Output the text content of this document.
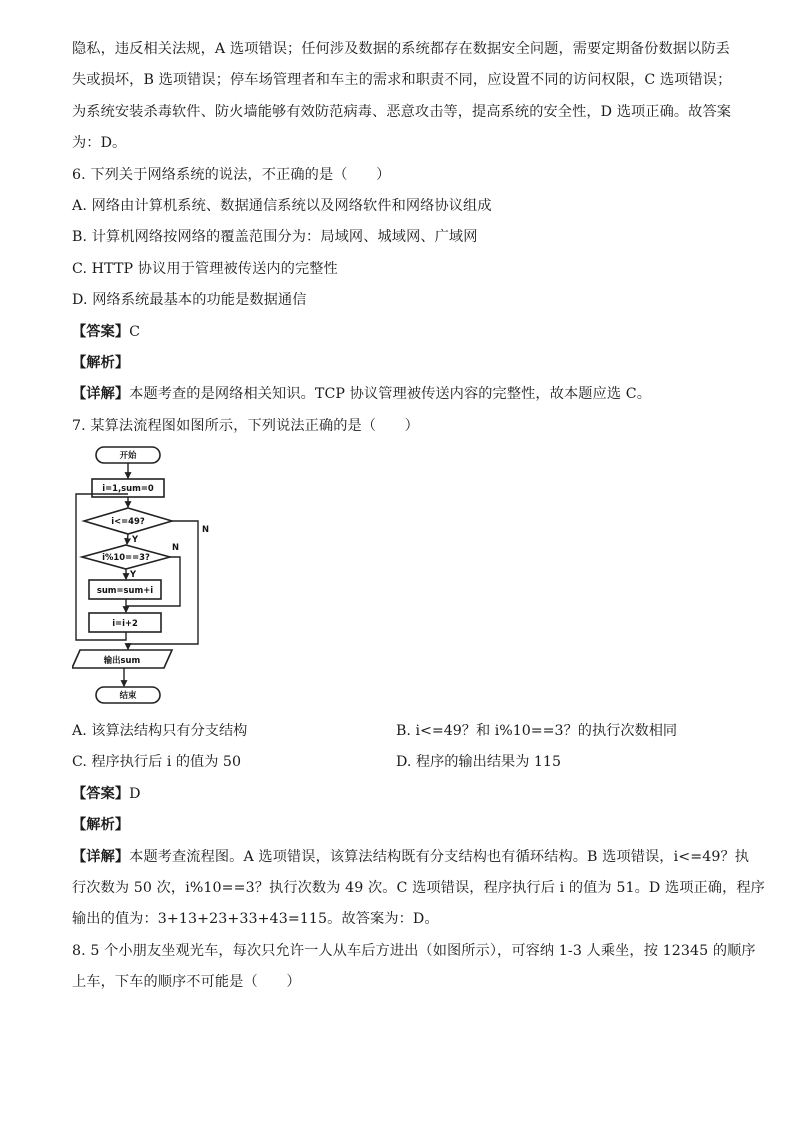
隐私，违反相关法规，A 选项错误；任何涉及数据的系统都存在数据安全问题，需要定期备份数据以防丢
失或损坏，B 选项错误；停车场管理者和车主的需求和职责不同，应设置不同的访问权限，C 选项错误；
为系统安装杀毒软件、防火墙能够有效防范病毒、恶意攻击等，提高系统的安全性，D 选项正确。故答案
为：D。
6. 下列关于网络系统的说法，不正确的是（　　）
A. 网络由计算机系统、数据通信系统以及网络软件和网络协议组成
B. 计算机网络按网络的覆盖范围分为：局域网、城域网、广域网
C. HTTP 协议用于管理被传送内的完整性
D. 网络系统最基本的功能是数据通信
【答案】C
【解析】
【详解】本题考查的是网络相关知识。TCP 协议管理被传送内容的完整性，故本题应选 C。
7. 某算法流程图如图所示，下列说法正确的是（　　）
开始
i=1,sum=0
i<=49?
i%10==3?
sum=sum+i
i=i+2
输出sum
结束
Y
Y
N
N
A. 该算法结构只有分支结构	B. i<=49？和 i%10==3？的执行次数相同
C. 程序执行后 i 的值为 50	D. 程序的输出结果为 115
【答案】D
【解析】
【详解】本题考查流程图。A 选项错误，该算法结构既有分支结构也有循环结构。B 选项错误，i<=49？执
行次数为 50 次，i%10==3？执行次数为 49 次。C 选项错误，程序执行后 i 的值为 51。D 选项正确，程序
输出的值为：3+13+23+33+43=115。故答案为：D。
8. 5 个小朋友坐观光车，每次只允许一人从车后方进出（如图所示），可容纳 1-3 人乘坐，按 12345 的顺序
上车，下车的顺序不可能是（　　）
